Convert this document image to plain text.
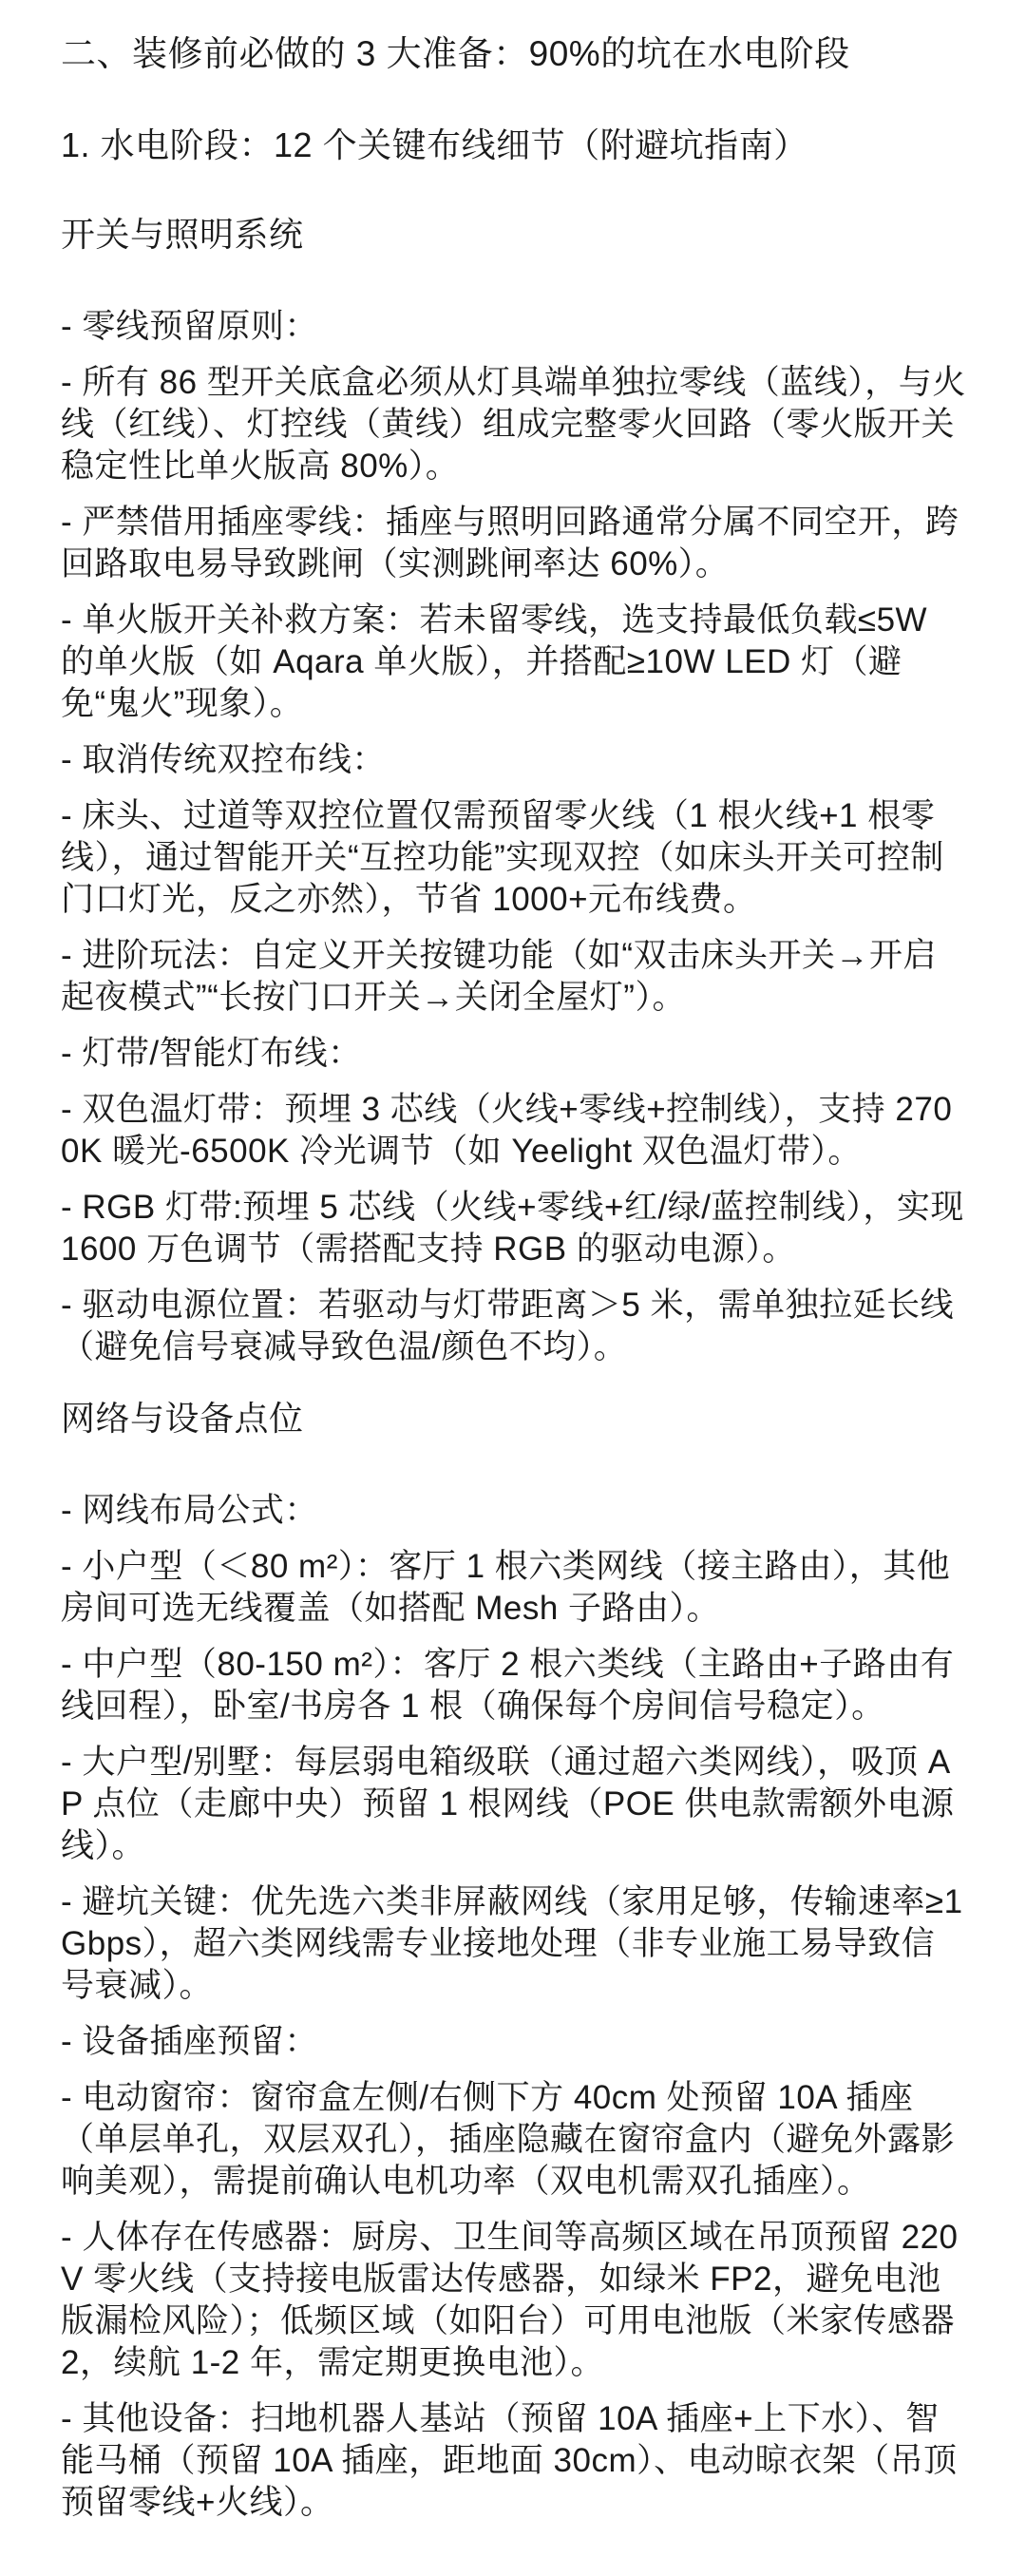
二、装修前必做的 3 大准备：90%的坑在水电阶段
1. 水电阶段：12 个关键布线细节（附避坑指南）
开关与照明系统

- 零线预留原则：

- 所有 86 型开关底盒必须从灯具端单独拉零线（蓝线），与火线（红线）、灯控线（黄线）组成完整零火回路（零火版开关稳定性比单火版高 80%）。

- 严禁借用插座零线：插座与照明回路通常分属不同空开，跨回路取电易导致跳闸（实测跳闸率达 60%）。

- 单火版开关补救方案：若未留零线，选支持最低负载≤5W 的单火版（如 Aqara 单火版），并搭配≥10W LED 灯（避免“鬼火”现象）。

- 取消传统双控布线：

- 床头、过道等双控位置仅需预留零火线（1 根火线+1 根零线），通过智能开关“互控功能”实现双控（如床头开关可控制门口灯光，反之亦然），节省 1000+元布线费。

- 进阶玩法：自定义开关按键功能（如“双击床头开关→开启起夜模式”“长按门口开关→关闭全屋灯”）。

- 灯带/智能灯布线：

- 双色温灯带：预埋 3 芯线（火线+零线+控制线），支持 2700K 暖光-6500K 冷光调节（如 Yeelight 双色温灯带）。

- RGB 灯带:预埋 5 芯线（火线+零线+红/绿/蓝控制线），实现 1600 万色调节（需搭配支持 RGB 的驱动电源）。

- 驱动电源位置：若驱动与灯带距离＞5 米，需单独拉延长线（避免信号衰减导致色温/颜色不均）。

网络与设备点位

- 网线布局公式：

- 小户型（＜80 m²）：客厅 1 根六类网线（接主路由），其他房间可选无线覆盖（如搭配 Mesh 子路由）。

- 中户型（80-150 m²）：客厅 2 根六类线（主路由+子路由有线回程），卧室/书房各 1 根（确保每个房间信号稳定）。

- 大户型/别墅：每层弱电箱级联（通过超六类网线），吸顶 AP 点位（走廊中央）预留 1 根网线（POE 供电款需额外电源线）。

- 避坑关键：优先选六类非屏蔽网线（家用足够，传输速率≥1Gbps），超六类网线需专业接地处理（非专业施工易导致信号衰减）。

- 设备插座预留：

- 电动窗帘：窗帘盒左侧/右侧下方 40cm 处预留 10A 插座（单层单孔，双层双孔），插座隐藏在窗帘盒内（避免外露影响美观），需提前确认电机功率（双电机需双孔插座）。

- 人体存在传感器：厨房、卫生间等高频区域在吊顶预留 220V 零火线（支持接电版雷达传感器，如绿米 FP2，避免电池版漏检风险）；低频区域（如阳台）可用电池版（米家传感器 2，续航 1-2 年，需定期更换电池）。

- 其他设备：扫地机器人基站（预留 10A 插座+上下水）、智能马桶（预留 10A 插座，距地面 30cm）、电动晾衣架（吊顶预留零线+火线）。
